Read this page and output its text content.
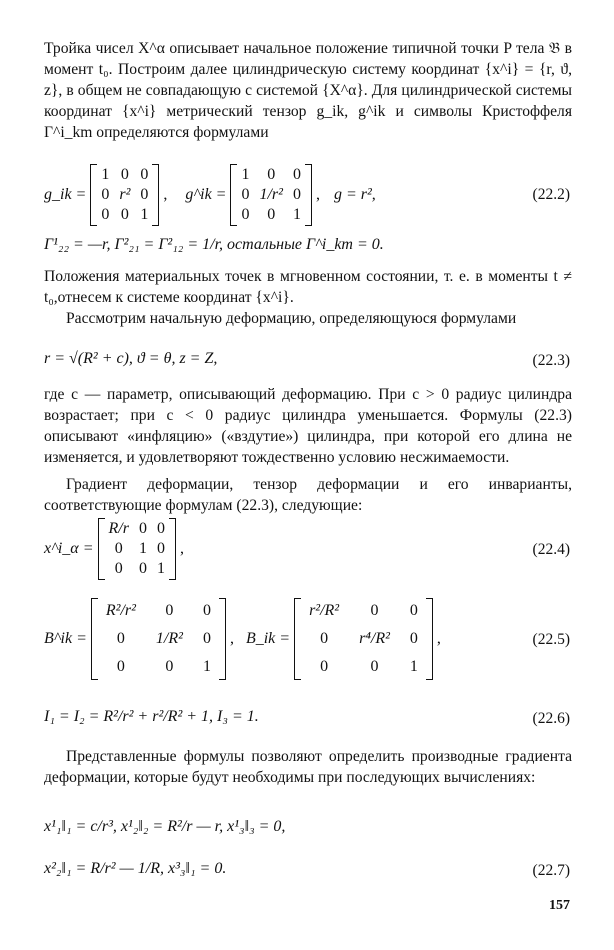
Тройка чисел X^α описывает начальное положение типичной точки P тела 𝔅 в момент t₀. Построим далее цилиндрическую систему координат {x^i} = {r, ϑ, z}, в общем не совпадающую с системой {X^α}. Для цилиндрической системы координат {x^i} метрический тензор g_ik, g^ik и символы Кристоффеля Γ^i_km определяются формулами

g_ik =
1 0 0
0 r² 0
0 0 1
, g^ik =
1 0 0
0 1/r² 0
0 0 1
, g = r²,	(22.2)
Γ¹₂₂ = —r, Γ²₂₁ = Γ²₁₂ = 1/r, остальные Γ^i_km = 0.

Положения материальных точек в мгновенном состоянии, т. е. в моменты t ≠ t₀,отнесем к системе координат {x^i}.

Рассмотрим начальную деформацию, определяющуюся формулами

r = √(R² + c), ϑ = θ, z = Z,	(22.3)

где c — параметр, описывающий деформацию. При c > 0 радиус цилиндра возрастает; при c < 0 радиус цилиндра уменьшается. Формулы (22.3) описывают «инфляцию» («вздутие») цилиндра, при которой его длина не изменяется, и удовлетворяют тождественно условию несжимаемости.

Градиент деформации, тензор деформации и его инварианты, соответствующие формулам (22.3), следующие:

x^i_α =
R/r 0 0
0 1 0
0 0 1
,	(22.4)
B^ik =
R²/r² 0 0
0 1/R² 0
0	0 1
, B_ik =
r²/R² 0 0
0 r⁴/R² 0
0	0 1
,	(22.5)
I₁ = I₂ = R²/r² + r²/R² + 1, I₃ = 1.	(22.6)

Представленные формулы позволяют определить производные градиента деформации, которые будут необходимы при последующих вычислениях:

x¹₁‖₁ = c/r³, x¹₂‖₂ = R²/r — r, x¹₃‖₃ = 0,
x²₂‖₁ = R/r² — 1/R, x³₃‖₁ = 0.	(22.7)
157
